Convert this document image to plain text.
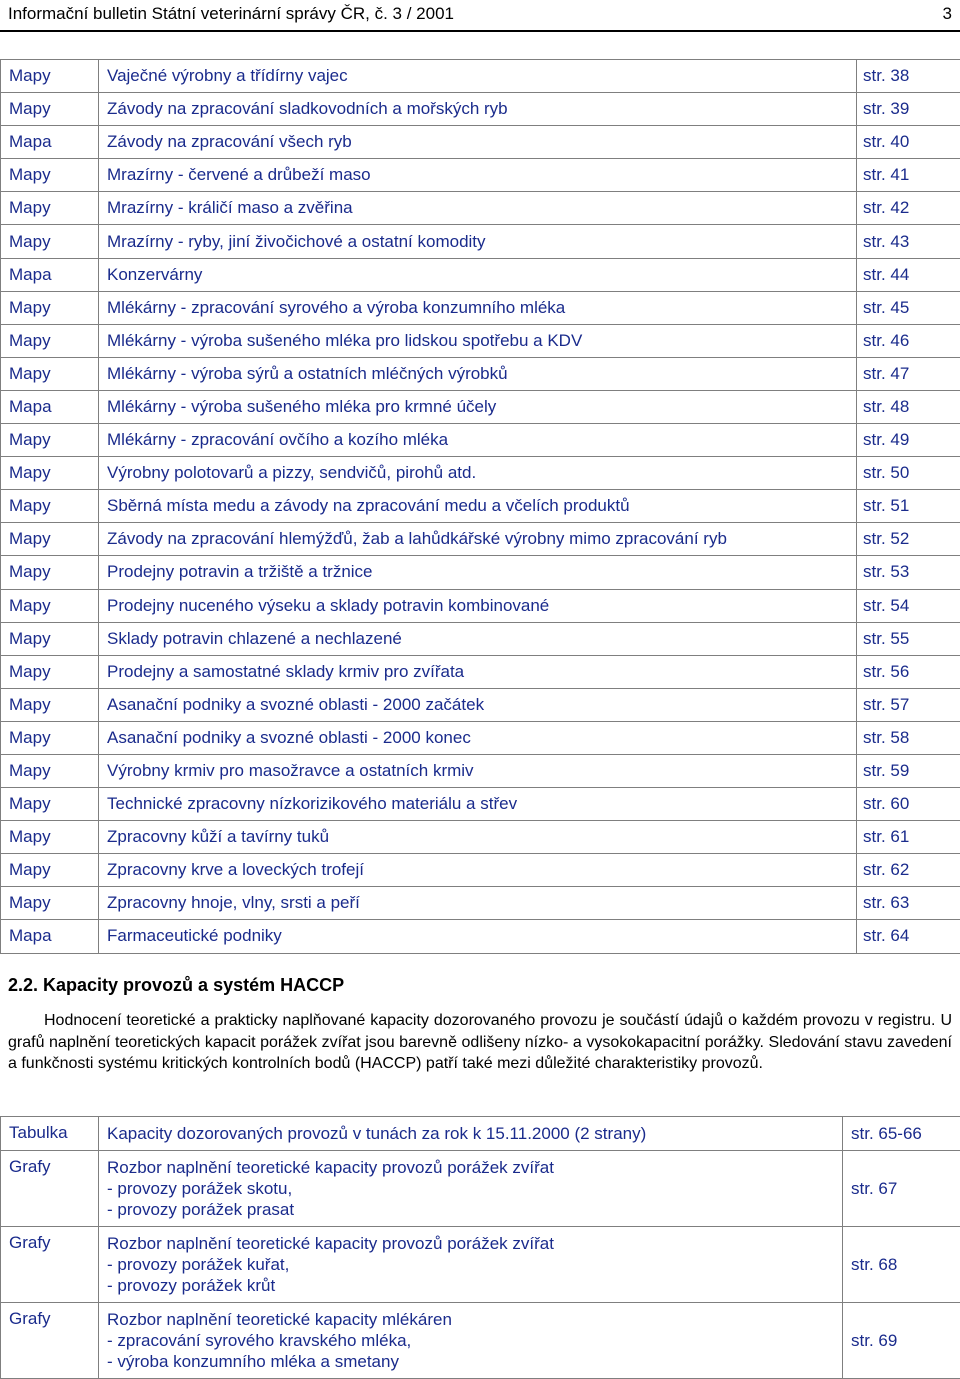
Informační bulletin Státní veterinární správy ČR, č. 3 / 2001	3
Mapy	Vaječné výrobny a třídírny vajec	str. 38
Mapy	Závody na zpracování sladkovodních a mořských ryb	str. 39
Mapa	Závody na zpracování všech ryb	str. 40
Mapy	Mrazírny - červené a drůbeží maso	str. 41
Mapy	Mrazírny - králičí maso a zvěřina	str. 42
Mapy	Mrazírny - ryby, jiní živočichové a ostatní komodity	str. 43
Mapa	Konzervárny	str. 44
Mapy	Mlékárny - zpracování syrového a výroba konzumního mléka	str. 45
Mapy	Mlékárny - výroba sušeného mléka pro lidskou spotřebu a KDV	str. 46
Mapy	Mlékárny - výroba sýrů a ostatních mléčných výrobků	str. 47
Mapa	Mlékárny - výroba sušeného mléka pro krmné účely	str. 48
Mapy	Mlékárny - zpracování ovčího a kozího mléka	str. 49
Mapy	Výrobny polotovarů a pizzy, sendvičů, pirohů atd.	str. 50
Mapy	Sběrná místa medu a závody na zpracování medu a včelích produktů	str. 51
Mapy	Závody na zpracování hlemýžďů, žab a lahůdkářské výrobny mimo zpracování ryb	str. 52
Mapy	Prodejny potravin a tržiště a tržnice	str. 53
Mapy	Prodejny nuceného výseku a sklady potravin kombinované	str. 54
Mapy	Sklady potravin chlazené a nechlazené	str. 55
Mapy	Prodejny a samostatné sklady krmiv pro zvířata	str. 56
Mapy	Asanační podniky a svozné oblasti - 2000 začátek	str. 57
Mapy	Asanační podniky a svozné oblasti - 2000 konec	str. 58
Mapy	Výrobny krmiv pro masožravce a ostatních krmiv	str. 59
Mapy	Technické zpracovny nízkorizikového materiálu a střev	str. 60
Mapy	Zpracovny kůží a tavírny tuků	str. 61
Mapy	Zpracovny krve a loveckých trofejí	str. 62
Mapy	Zpracovny hnoje, vlny, srsti a peří	str. 63
Mapa	Farmaceutické podniky	str. 64
2.2. Kapacity provozů a systém HACCP
Hodnocení teoretické a prakticky naplňované kapacity dozorovaného provozu je součástí údajů o každém provozu v registru. U grafů naplnění teoretických kapacit porážek zvířat jsou barevně odlišeny nízko- a vysokokapacitní porážky. Sledování stavu zavedení a funkčnosti systému kritických kontrolních bodů (HACCP) patří také mezi důležité charakteristiky provozů.
Tabulka	Kapacity dozorovaných provozů v tunách za rok k 15.11.2000 (2 strany)	str. 65-66
Grafy	Rozbor naplnění teoretické kapacity provozů porážek zvířat
- provozy porážek skotu,
- provozy porážek prasat	str. 67
Grafy	Rozbor naplnění teoretické kapacity provozů porážek zvířat
- provozy porážek kuřat,
- provozy porážek krůt	str. 68
Grafy	Rozbor naplnění teoretické kapacity mlékáren
- zpracování syrového kravského mléka,
- výroba konzumního mléka a smetany	str. 69
